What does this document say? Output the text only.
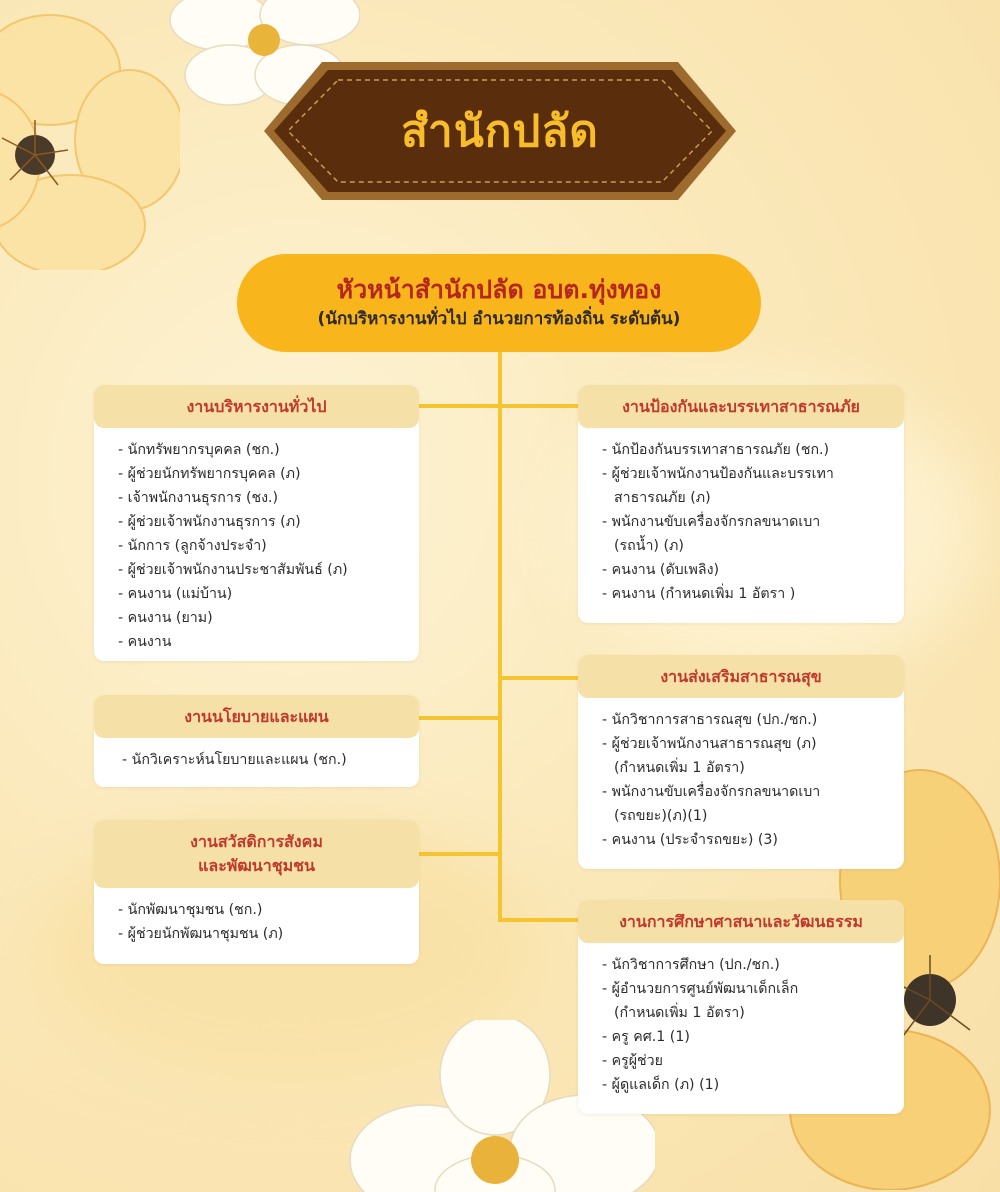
สำนักปลัด
หัวหน้าสำนักปลัด อบต.ทุ่งทอง
(นักบริหารงานทั่วไป อำนวยการท้องถิ่น ระดับต้น)
งานบริหารงานทั่วไป
- นักทรัพยากรบุคคล (ชก.)
- ผู้ช่วยนักทรัพยากรบุคคล (ภ)
- เจ้าพนักงานธุรการ (ชง.)
- ผู้ช่วยเจ้าพนักงานธุรการ (ภ)
- นักการ (ลูกจ้างประจำ)
- ผู้ช่วยเจ้าพนักงานประชาสัมพันธ์ (ภ)
- คนงาน (แม่บ้าน)
- คนงาน (ยาม)
- คนงาน
งานนโยบายและแผน
- นักวิเคราะห์นโยบายและแผน (ชก.)
งานสวัสดิการสังคม
และพัฒนาชุมชน
- นักพัฒนาชุมชน (ชก.)
- ผู้ช่วยนักพัฒนาชุมชน (ภ)
งานป้องกันและบรรเทาสาธารณภัย
- นักป้องกันบรรเทาสาธารณภัย (ชก.)
- ผู้ช่วยเจ้าพนักงานป้องกันและบรรเทา
สาธารณภัย (ภ)
- พนักงานขับเครื่องจักรกลขนาดเบา
(รถน้ำ) (ภ)
- คนงาน (ดับเพลิง)
- คนงาน (กำหนดเพิ่ม 1 อัตรา )
งานส่งเสริมสาธารณสุข
- นักวิชาการสาธารณสุข (ปก./ชก.)
- ผู้ช่วยเจ้าพนักงานสาธารณสุข (ภ)
(กำหนดเพิ่ม 1 อัตรา)
- พนักงานขับเครื่องจักรกลขนาดเบา
(รถขยะ)(ภ)(1)
- คนงาน (ประจำรถขยะ) (3)
งานการศึกษาศาสนาและวัฒนธรรม
- นักวิชาการศึกษา (ปก./ชก.)
- ผู้อำนวยการศูนย์พัฒนาเด็กเล็ก
(กำหนดเพิ่ม 1 อัตรา)
- ครู คศ.1 (1)
- ครูผู้ช่วย
- ผู้ดูแลเด็ก (ภ) (1)
